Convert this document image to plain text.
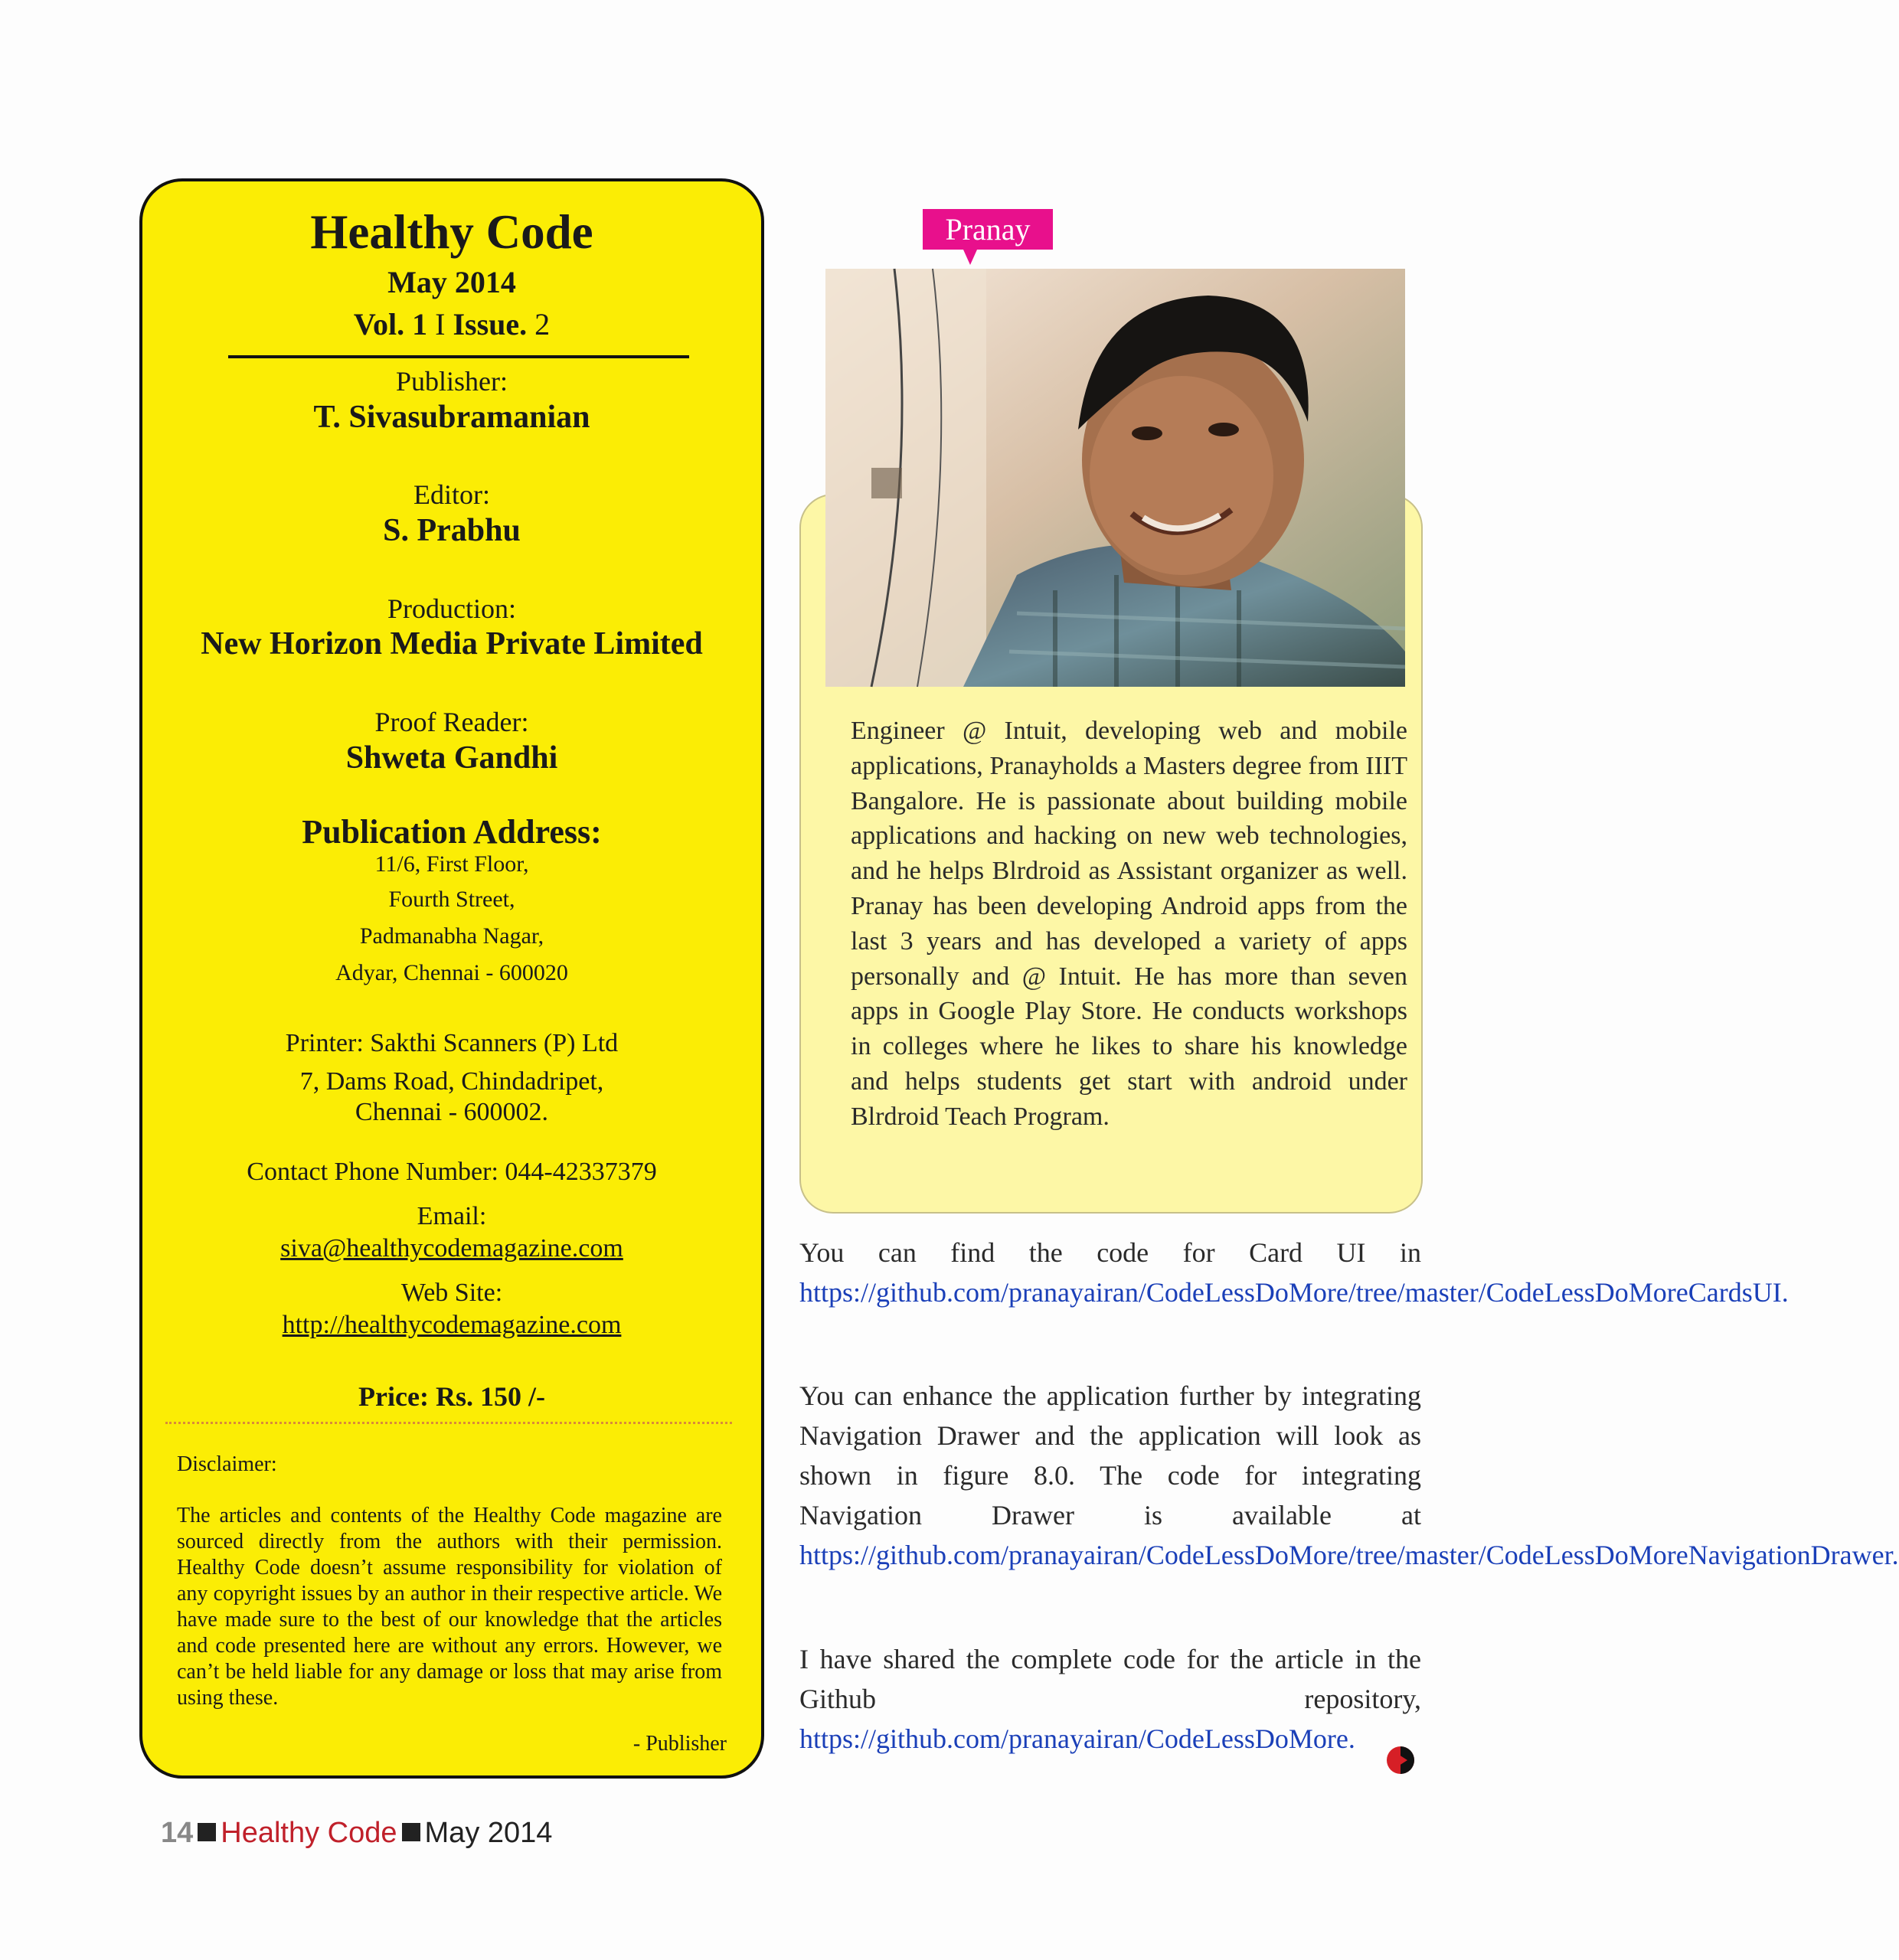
Healthy Code
May 2014
Vol. 1 I Issue. 2
Publisher:
T. Sivasubramanian
Editor:
S. Prabhu
Production:
New Horizon Media Private Limited
Proof Reader:
Shweta Gandhi
Publication Address:
11/6, First Floor,
Fourth Street,
Padmanabha Nagar,
Adyar, Chennai - 600020
Printer: Sakthi Scanners (P) Ltd
7, Dams Road, Chindadripet,
Chennai - 600002.
Contact Phone Number: 044-42337379
Email:
siva@healthycodemagazine.com
Web Site:
http://healthycodemagazine.com
Price: Rs. 150 /-
Disclaimer:
The articles and contents of the Healthy Code magazine are sourced directly from the authors with their permission. Healthy Code doesn’t assume responsibility for violation of any copyright issues by an author in their respective article. We have made sure to the best of our knowledge that the articles and code presented here are without any errors. However, we can’t be held liable for any damage or loss that may arise from using these.
- Publisher
Pranay
Engineer @ Intuit, developing web and mobile applications, Pranayholds a Masters degree from IIIT Bangalore. He is passionate about building mobile applications and hacking on new web technologies, and he helps Blrdroid as Assistant organizer as well. Pranay has been developing Android apps from the last 3 years and has developed a variety of apps personally and @ Intuit. He has more than seven apps in Google Play Store. He conducts workshops in colleges where he likes to share his knowledge and helps students get start with android under Blrdroid Teach Program.
You can find the code for Card UI in https://github.com/pranayairan/CodeLessDoMore/tree/master/CodeLessDoMoreCardsUI.
You can enhance the application further by integrating Navigation Drawer and the application will look as shown in figure 8.0. The code for integrating Navigation Drawer is available at https://github.com/pranayairan/CodeLessDoMore/tree/master/CodeLessDoMoreNavigationDrawer.
I have shared the complete code for the article in the Github repository, https://github.com/pranayairan/CodeLessDoMore.
14 Healthy Code May 2014
